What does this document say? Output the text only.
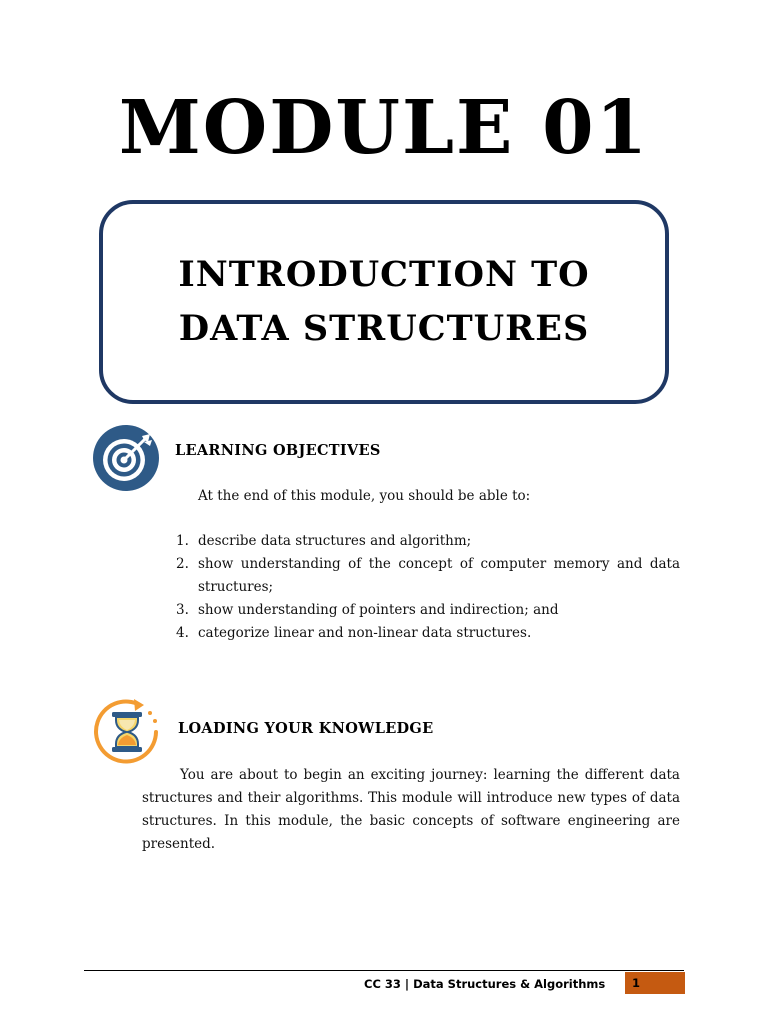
MODULE 01
INTRODUCTION TO
DATA STRUCTURES
LEARNING OBJECTIVES

At the end of this module, you should be able to:

1. describe data structures and algorithm;
2. show understanding of the concept of computer memory and data structures;
3. show understanding of pointers and indirection; and
4. categorize linear and non-linear data structures.
LOADING YOUR KNOWLEDGE

You are about to begin an exciting journey: learning the different data structures and their algorithms. This module will introduce new types of data structures. In this module, the basic concepts of software engineering are presented.

CC 33 | Data Structures & Algorithms	1
